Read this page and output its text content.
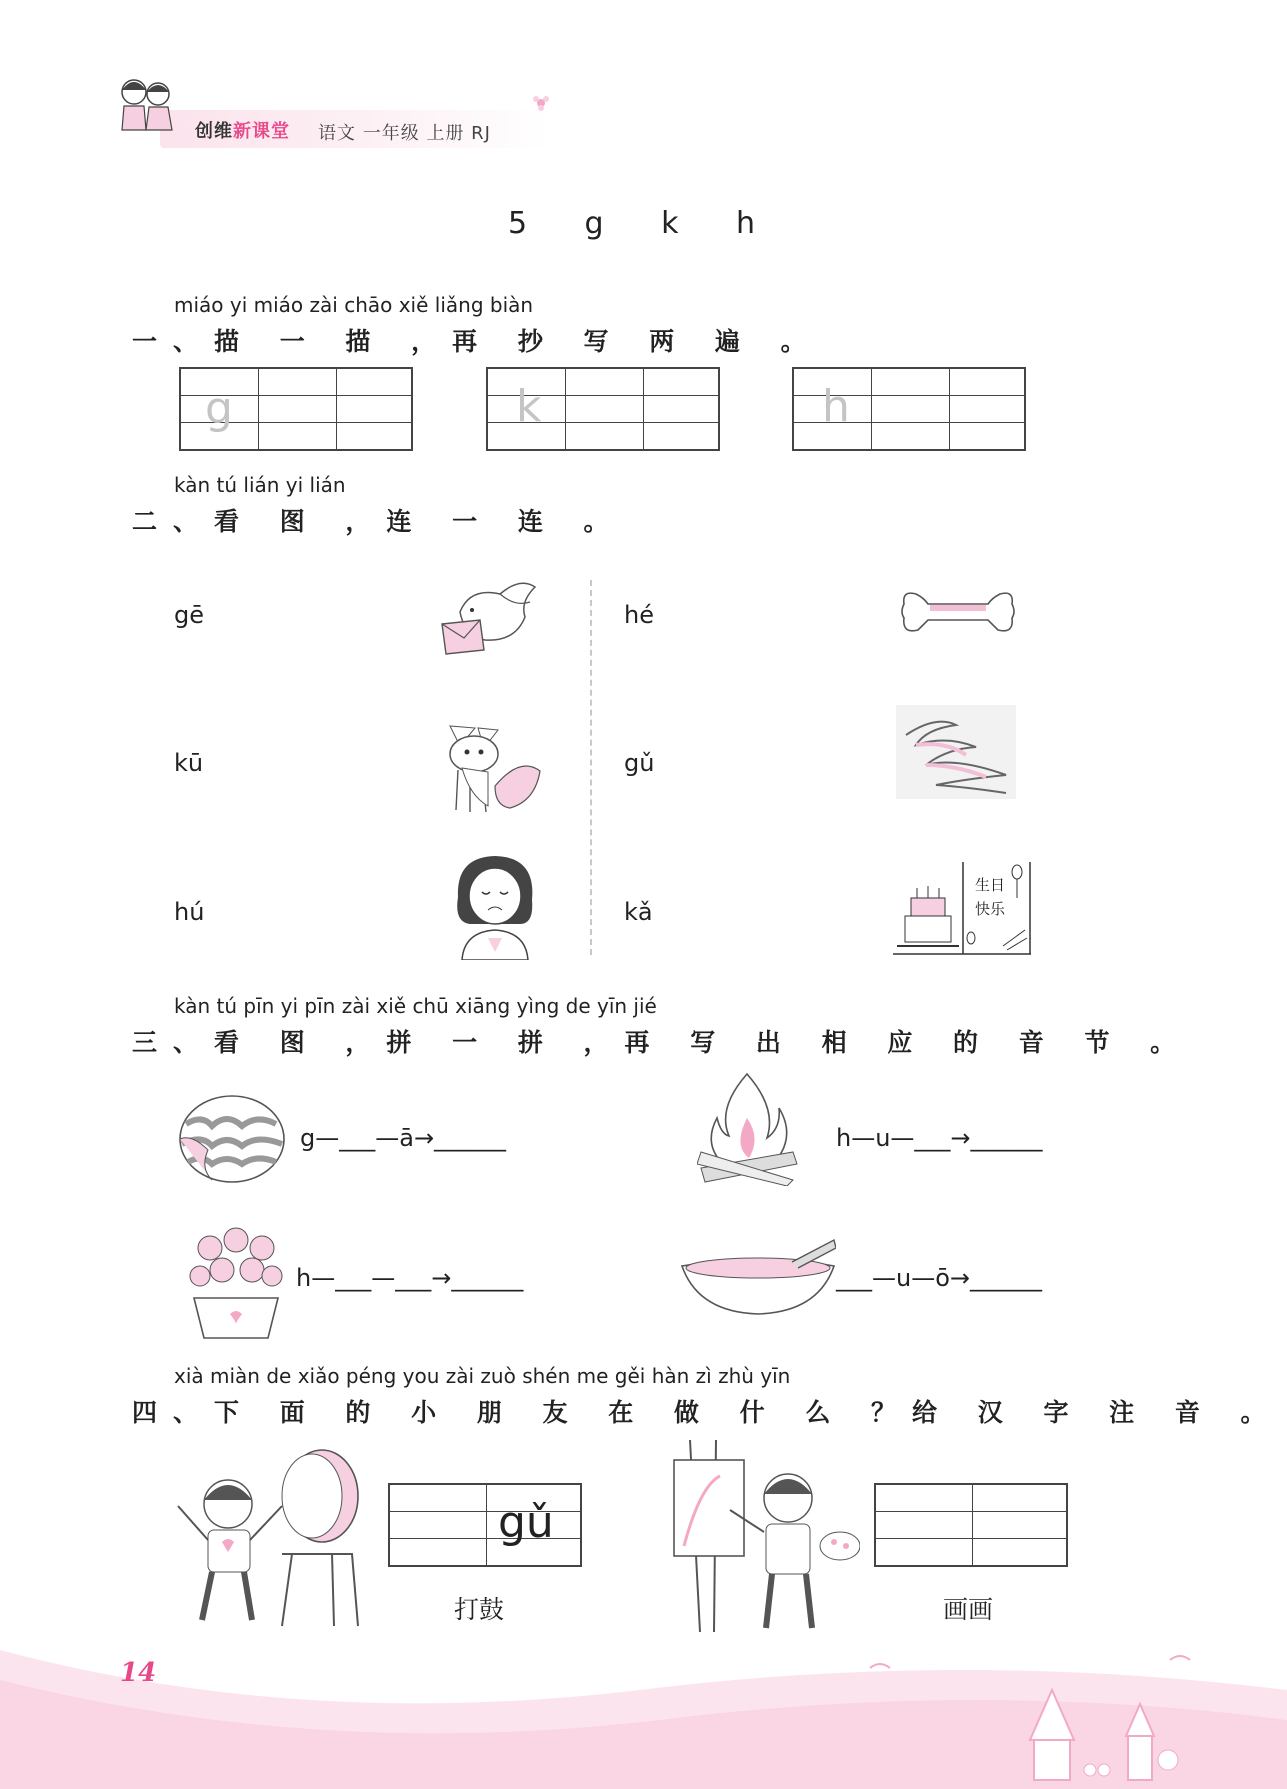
创维新课堂 语文 一年级 上册 RJ
5 g k h
miáo yi miáo zài chāo xiě liǎng biàn
一、描 一 描 ，再 抄 写 两 遍 。
g	k	h
kàn tú lián yi lián
二、看 图 ，连 一 连 。
gē
kū
hú
hé
gǔ
kǎ
生日
快乐
kàn tú pīn yi pīn zài xiě chū xiāng yìng de yīn jié
三、看 图 ，拼 一 拼 ，再 写 出 相 应 的 音 节 。
g—___—ā→______	h—u—___→______
h—___—___→______	___—u—ō→______
xià miàn de xiǎo péng you zài zuò shén me gěi hàn zì zhù yīn
四、下 面 的 小 朋 友 在 做 什 么 ？给 汉 字 注 音 。
gǔ
打鼓	画画
14
